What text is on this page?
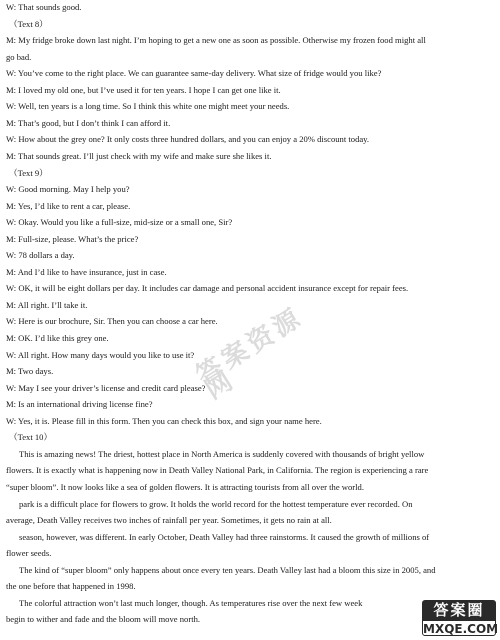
begin to wither and fade and the bloom will move north.
The colorful attraction won’t last much longer, though. As temperatures rise over the next few week
the one before that happened in 1998.
The kind of “super bloom” only happens about once every ten years. Death Valley last had a bloom this size in 2005, and
flower seeds.
season, however, was different. In early October, Death Valley had three rainstorms. It caused the growth of millions of
average, Death Valley receives two inches of rainfall per year. Sometimes, it gets no rain at all.
park is a difficult place for flowers to grow. It holds the world record for the hottest temperature ever recorded. On
“super bloom”. It now looks like a sea of golden flowers. It is attracting tourists from all over the world.
flowers. It is exactly what is happening now in Death Valley National Park, in California. The region is experiencing a rare
This is amazing news! The driest, hottest place in North America is suddenly covered with thousands of bright yellow
（Text 10）
W: Yes, it is. Please fill in this form. Then you can check this box, and sign your name here.
M: Is an international driving license fine?
W: May I see your driver’s license and credit card please?
M: Two days.
W: All right. How many days would you like to use it?
M: OK. I’d like this grey one.
W: Here is our brochure, Sir. Then you can choose a car here.
M: All right. I’ll take it.
W: OK, it will be eight dollars per day. It includes car damage and personal accident insurance except for repair fees.
M: And I’d like to have insurance, just in case.
W: 78 dollars a day.
M: Full-size, please. What’s the price?
W: Okay. Would you like a full-size, mid-size or a small one, Sir?
M: Yes, I’d like to rent a car, please.
W: Good morning. May I help you?
（Text 9）
M: That sounds great. I’ll just check with my wife and make sure she likes it.
W: How about the grey one? It only costs three hundred dollars, and you can enjoy a 20% discount today.
M: That’s good, but I don’t think I can afford it.
W: Well, ten years is a long time. So I think this white one might meet your needs.
M: I loved my old one, but I’ve used it for ten years. I hope I can get one like it.
W: You’ve come to the right place. We can guarantee same-day delivery. What size of fridge would you like?
go bad.
M: My fridge broke down last night. I’m hoping to get a new one as soon as possible. Otherwise my frozen food might all
（Text 8）
W: That sounds good.
答案资源网
答案圈
MXQE.COM
